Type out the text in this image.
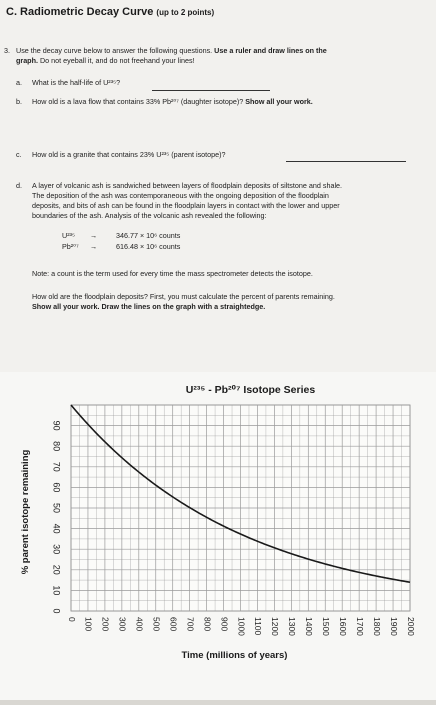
C. Radiometric Decay Curve (up to 2 points)
3. Use the decay curve below to answer the following questions. Use a ruler and draw lines on the
graph. Do not eyeball it, and do not freehand your lines!
a. What is the half-life of U²³⁵?
b. How old is a lava flow that contains 33% Pb²⁰⁷ (daughter isotope)? Show all your work.
c. How old is a granite that contains 23% U²³⁵ (parent isotope)?
d. A layer of volcanic ash is sandwiched between layers of floodplain deposits of siltstone and shale.
The deposition of the ash was contemporaneous with the ongoing deposition of the floodplain
deposits, and bits of ash can be found in the floodplain layers in contact with the lower and upper
boundaries of the ash. Analysis of the volcanic ash revealed the following:
U²³⁵	→	346.77 × 10⁶ counts
Pb²⁰⁷	→	616.48 × 10⁶ counts
Note: a count is the term used for every time the mass spectrometer detects the isotope.
How old are the floodplain deposits? First, you must calculate the percent of parents remaining.
Show all your work. Draw the lines on the graph with a straightedge.
0
10
20
30
40
50
60
70
80
90
0 100 200 300 400 500 600 700 800 900 1000 1100 1200 1300 1400 1500 1600 1700 1800 1900 2000
U²³⁵ - Pb²⁰⁷ Isotope Series
Time (millions of years)
% parent isotope remaining
